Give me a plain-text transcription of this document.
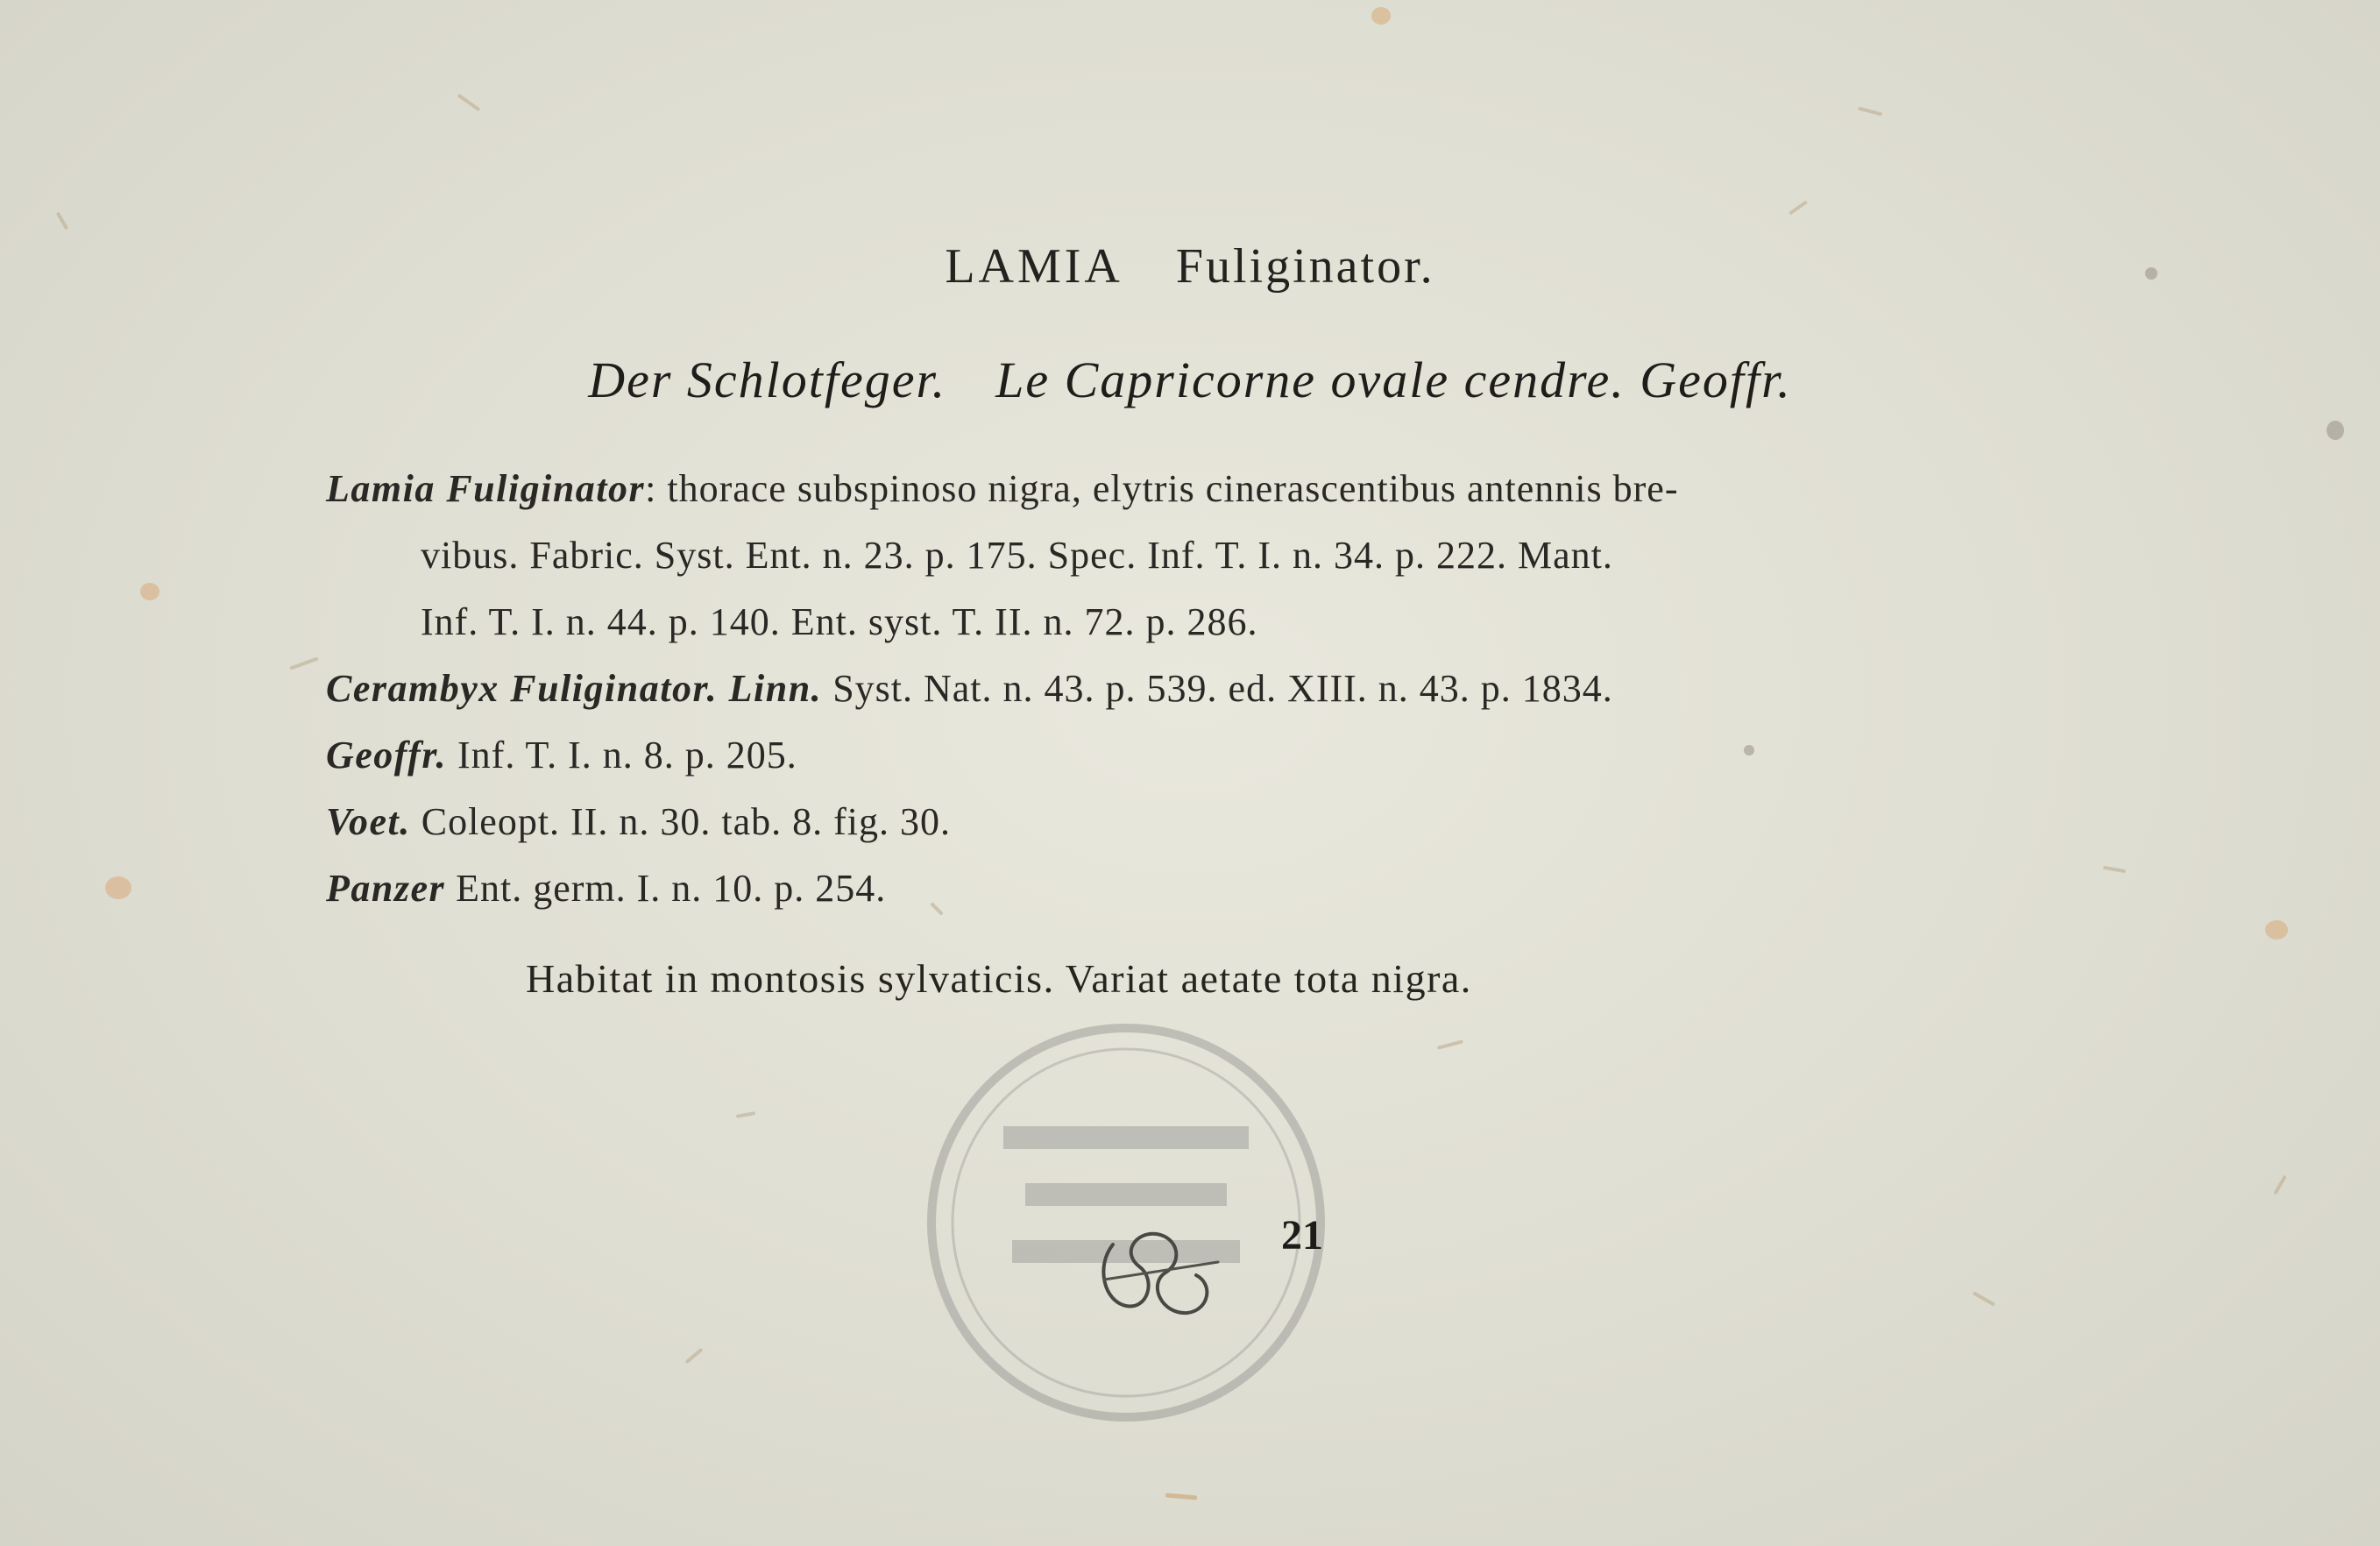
LAMIA Fuliginator.
Der Schlotfeger. Le Capricorne ovale cendre. Geoffr.
Lamia Fuliginator: thorace subspinoso nigra, elytris cinerascentibus antennis bre-
vibus. Fabric. Syst. Ent. n. 23. p. 175. Spec. Inf. T. I. n. 34. p. 222. Mant.
Inf. T. I. n. 44. p. 140. Ent. syst. T. II. n. 72. p. 286.
Cerambyx Fuliginator. Linn. Syst. Nat. n. 43. p. 539. ed. XIII. n. 43. p. 1834.
Geoffr. Inf. T. I. n. 8. p. 205.
Voet. Coleopt. II. n. 30. tab. 8. fig. 30.
Panzer Ent. germ. I. n. 10. p. 254.
Habitat in montosis sylvaticis. Variat aetate tota nigra.
21
